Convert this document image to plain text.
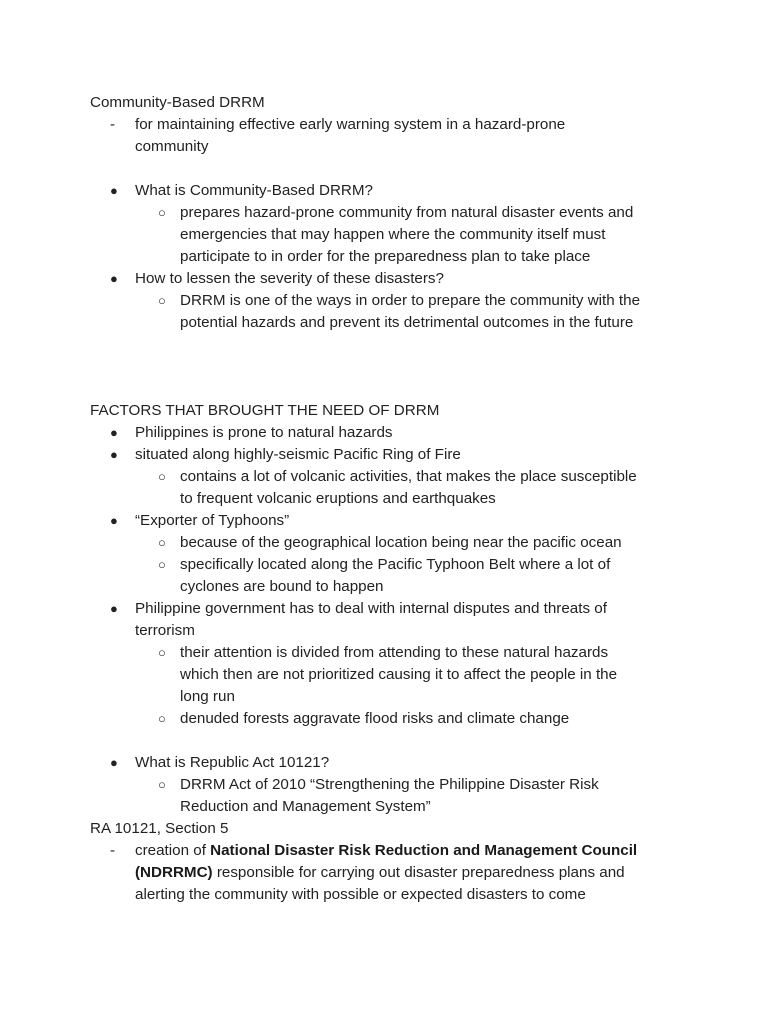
Community-Based DRRM
- for maintaining effective early warning system in a hazard-prone
community
● What is Community-Based DRRM?
○ prepares hazard-prone community from natural disaster events and
emergencies that may happen where the community itself must
participate to in order for the preparedness plan to take place
● How to lessen the severity of these disasters?
○ DRRM is one of the ways in order to prepare the community with the
potential hazards and prevent its detrimental outcomes in the future
FACTORS THAT BROUGHT THE NEED OF DRRM
● Philippines is prone to natural hazards
● situated along highly-seismic Pacific Ring of Fire
○ contains a lot of volcanic activities, that makes the place susceptible
to frequent volcanic eruptions and earthquakes
● “Exporter of Typhoons”
○ because of the geographical location being near the pacific ocean
○ specifically located along the Pacific Typhoon Belt where a lot of
cyclones are bound to happen
● Philippine government has to deal with internal disputes and threats of
terrorism
○ their attention is divided from attending to these natural hazards
which then are not prioritized causing it to affect the people in the
long run
○ denuded forests aggravate flood risks and climate change
● What is Republic Act 10121?
○ DRRM Act of 2010 “Strengthening the Philippine Disaster Risk
Reduction and Management System”
RA 10121, Section 5
- creation of National Disaster Risk Reduction and Management Council
(NDRRMC) responsible for carrying out disaster preparedness plans and
alerting the community with possible or expected disasters to come
